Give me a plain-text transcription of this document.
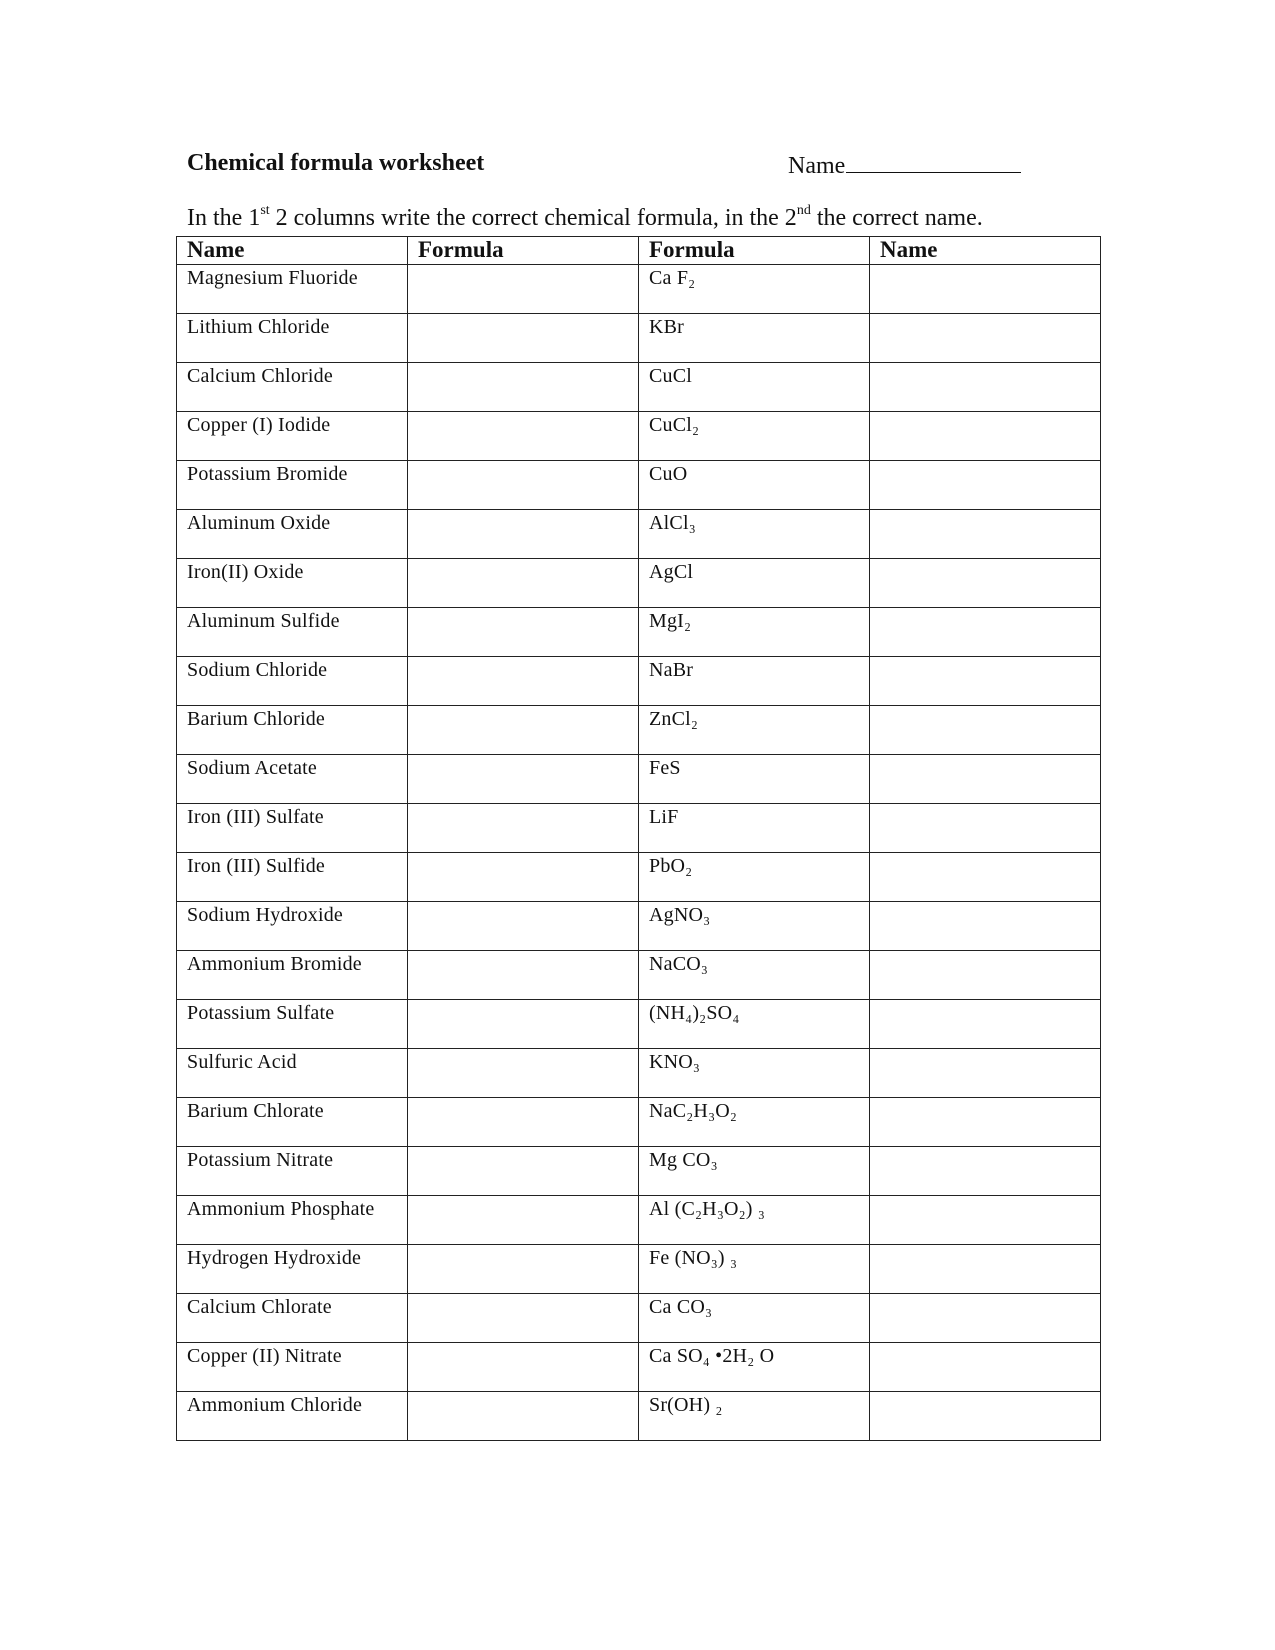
Chemical formula worksheet	Name
In the 1st 2 columns write the correct chemical formula, in the 2nd the correct name.
Name	Formula	Formula	Name
Magnesium Fluoride		Ca F₂	
Lithium Chloride		KBr	
Calcium Chloride		CuCl	
Copper (I) Iodide		CuCl₂	
Potassium Bromide		CuO	
Aluminum Oxide		AlCl₃	
Iron(II) Oxide		AgCl	
Aluminum Sulfide		MgI₂	
Sodium Chloride		NaBr	
Barium Chloride		ZnCl₂	
Sodium Acetate		FeS	
Iron (III) Sulfate		LiF	
Iron (III) Sulfide		PbO₂	
Sodium Hydroxide		AgNO₃	
Ammonium Bromide		NaCO₃	
Potassium Sulfate		(NH₄)₂SO₄	
Sulfuric Acid		KNO₃	
Barium Chlorate		NaC₂H₃O₂	
Potassium Nitrate		Mg CO₃	
Ammonium Phosphate		Al (C₂H₃O₂) ₃	
Hydrogen Hydroxide		Fe (NO₃) ₃	
Calcium Chlorate		Ca CO₃	
Copper (II) Nitrate		Ca SO₄ •2H₂ O	
Ammonium Chloride		Sr(OH) ₂	
